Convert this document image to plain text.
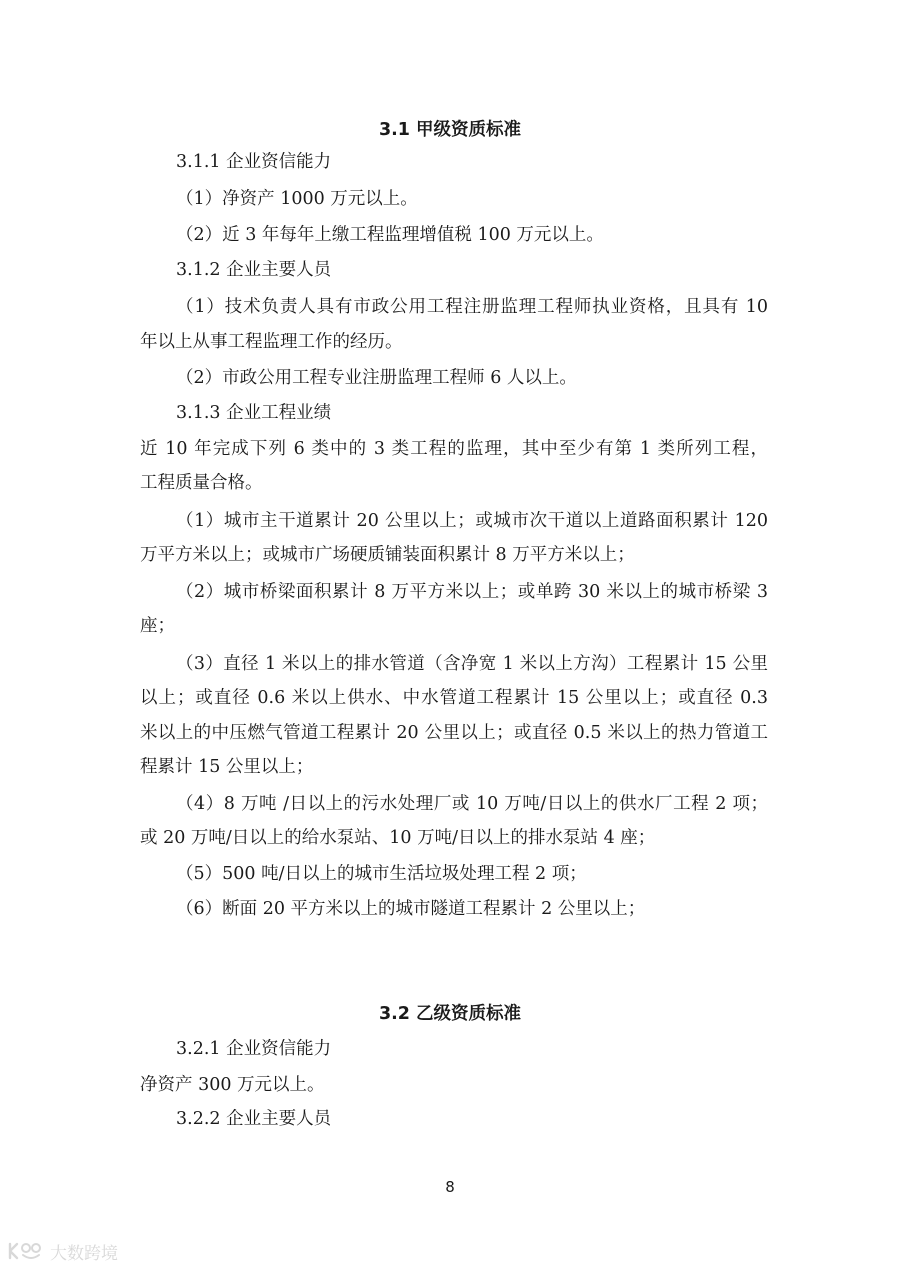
3.1 甲级资质标准
3.1.1 企业资信能力
（1）净资产 1000 万元以上。
（2）近 3 年每年上缴工程监理增值税 100 万元以上。
3.1.2 企业主要人员
（1）技术负责人具有市政公用工程注册监理工程师执业资格，且具有 10
年以上从事工程监理工作的经历。
（2）市政公用工程专业注册监理工程师 6 人以上。
3.1.3 企业工程业绩
近 10 年完成下列 6 类中的 3 类工程的监理，其中至少有第 1 类所列工程，
工程质量合格。
（1）城市主干道累计 20 公里以上；或城市次干道以上道路面积累计 120
万平方米以上；或城市广场硬质铺装面积累计 8 万平方米以上；
（2）城市桥梁面积累计 8 万平方米以上；或单跨 30 米以上的城市桥梁 3
座；
（3）直径 1 米以上的排水管道（含净宽 1 米以上方沟）工程累计 15 公里
以上；或直径 0.6 米以上供水、中水管道工程累计 15 公里以上；或直径 0.3
米以上的中压燃气管道工程累计 20 公里以上；或直径 0.5 米以上的热力管道工
程累计 15 公里以上；
（4）8 万吨 /日以上的污水处理厂或 10 万吨/日以上的供水厂工程 2 项；
或 20 万吨/日以上的给水泵站、10 万吨/日以上的排水泵站 4 座；
（5）500 吨/日以上的城市生活垃圾处理工程 2 项；
（6）断面 20 平方米以上的城市隧道工程累计 2 公里以上；
3.2 乙级资质标准
3.2.1 企业资信能力
净资产 300 万元以上。
3.2.2 企业主要人员
8
大数跨境
